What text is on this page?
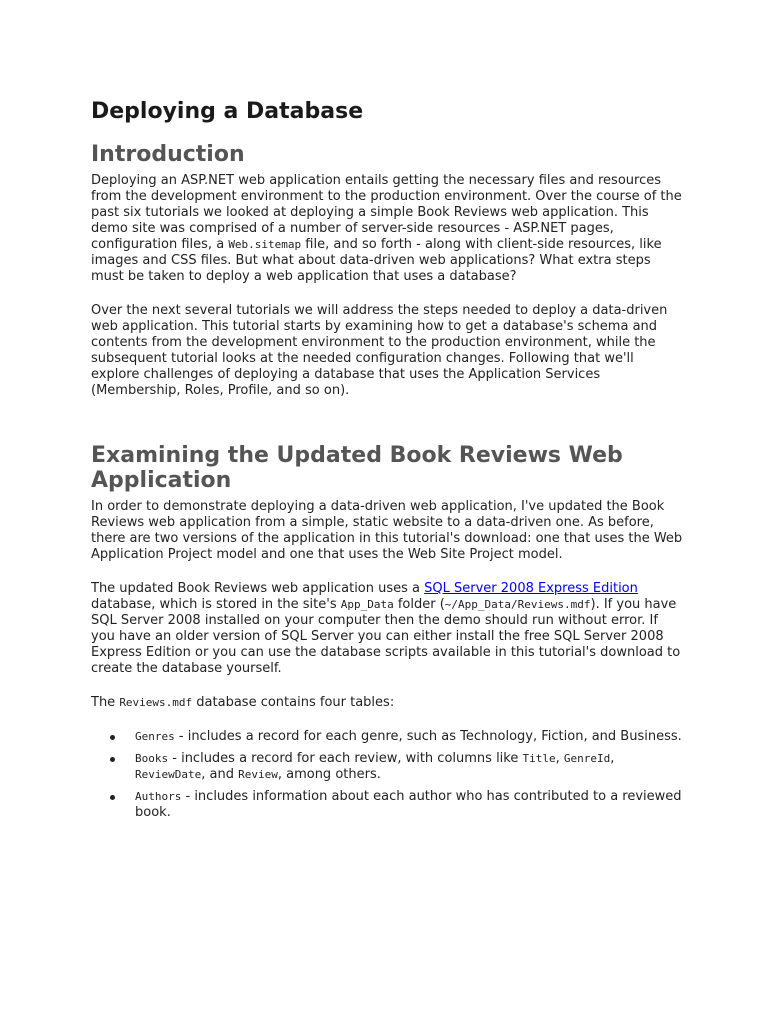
Deploying a Database
Introduction

Deploying an ASP.NET web application entails getting the necessary files and resources from the development environment to the production environment. Over the course of the past six tutorials we looked at deploying a simple Book Reviews web application. This demo site was comprised of a number of server-side resources - ASP.NET pages, configuration files, a Web.sitemap file, and so forth - along with client-side resources, like images and CSS files. But what about data-driven web applications? What extra steps must be taken to deploy a web application that uses a database?

Over the next several tutorials we will address the steps needed to deploy a data-driven web application. This tutorial starts by examining how to get a database's schema and contents from the development environment to the production environment, while the subsequent tutorial looks at the needed configuration changes. Following that we'll explore challenges of deploying a database that uses the Application Services (Membership, Roles, Profile, and so on).

Examining the Updated Book Reviews Web Application

In order to demonstrate deploying a data-driven web application, I've updated the Book Reviews web application from a simple, static website to a data-driven one. As before, there are two versions of the application in this tutorial's download: one that uses the Web Application Project model and one that uses the Web Site Project model.

The updated Book Reviews web application uses a SQL Server 2008 Express Edition database, which is stored in the site's App_Data folder (~/App_Data/Reviews.mdf). If you have SQL Server 2008 installed on your computer then the demo should run without error. If you have an older version of SQL Server you can either install the free SQL Server 2008 Express Edition or you can use the database scripts available in this tutorial's download to create the database yourself.

The Reviews.mdf database contains four tables:

Genres - includes a record for each genre, such as Technology, Fiction, and Business.
Books - includes a record for each review, with columns like Title, GenreId, ReviewDate, and Review, among others.
Authors - includes information about each author who has contributed to a reviewed book.
